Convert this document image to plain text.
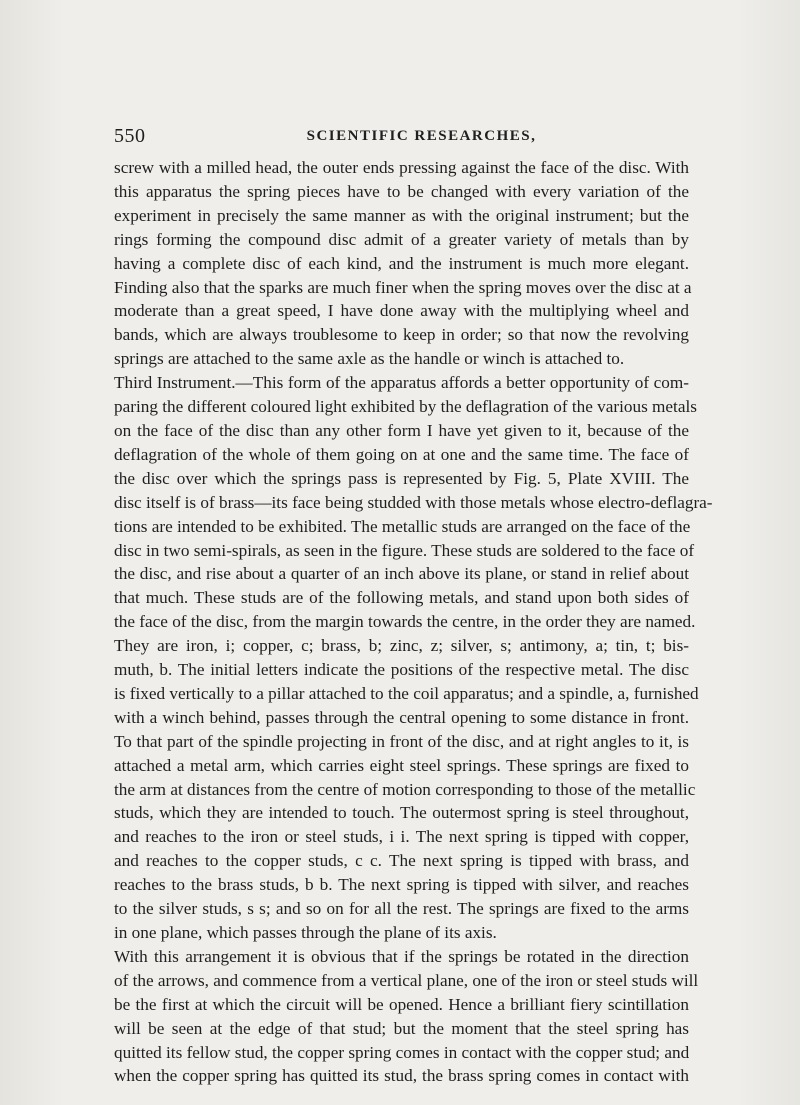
550	SCIENTIFIC RESEARCHES,
screw with a milled head, the outer ends pressing against the face of the disc. With
this apparatus the spring pieces have to be changed with every variation of the
experiment in precisely the same manner as with the original instrument; but the
rings forming the compound disc admit of a greater variety of metals than by
having a complete disc of each kind, and the instrument is much more elegant.
Finding also that the sparks are much finer when the spring moves over the disc at a
moderate than a great speed, I have done away with the multiplying wheel and
bands, which are always troublesome to keep in order; so that now the revolving
springs are attached to the same axle as the handle or winch is attached to.
Third Instrument.—This form of the apparatus affords a better opportunity of com-
paring the different coloured light exhibited by the deflagration of the various metals
on the face of the disc than any other form I have yet given to it, because of the
deflagration of the whole of them going on at one and the same time. The face of
the disc over which the springs pass is represented by Fig. 5, Plate XVIII. The
disc itself is of brass—its face being studded with those metals whose electro-deflagra-
tions are intended to be exhibited. The metallic studs are arranged on the face of the
disc in two semi-spirals, as seen in the figure. These studs are soldered to the face of
the disc, and rise about a quarter of an inch above its plane, or stand in relief about
that much. These studs are of the following metals, and stand upon both sides of
the face of the disc, from the margin towards the centre, in the order they are named.
They are iron, i; copper, c; brass, b; zinc, z; silver, s; antimony, a; tin, t; bis-
muth, b. The initial letters indicate the positions of the respective metal. The disc
is fixed vertically to a pillar attached to the coil apparatus; and a spindle, a, furnished
with a winch behind, passes through the central opening to some distance in front.
To that part of the spindle projecting in front of the disc, and at right angles to it, is
attached a metal arm, which carries eight steel springs. These springs are fixed to
the arm at distances from the centre of motion corresponding to those of the metallic
studs, which they are intended to touch. The outermost spring is steel throughout,
and reaches to the iron or steel studs, i i. The next spring is tipped with copper,
and reaches to the copper studs, c c. The next spring is tipped with brass, and
reaches to the brass studs, b b. The next spring is tipped with silver, and reaches
to the silver studs, s s; and so on for all the rest. The springs are fixed to the arms
in one plane, which passes through the plane of its axis.
With this arrangement it is obvious that if the springs be rotated in the direction
of the arrows, and commence from a vertical plane, one of the iron or steel studs will
be the first at which the circuit will be opened. Hence a brilliant fiery scintillation
will be seen at the edge of that stud; but the moment that the steel spring has
quitted its fellow stud, the copper spring comes in contact with the copper stud; and
when the copper spring has quitted its stud, the brass spring comes in contact with
